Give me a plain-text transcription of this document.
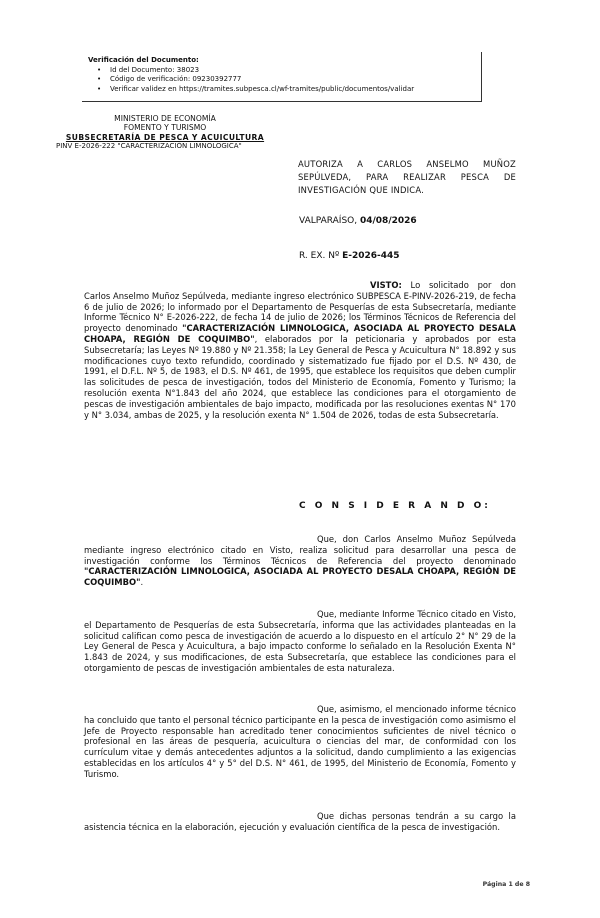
Verificación del Documento:
• Id del Documento: 38023
• Código de verificación: 09230392777
• Verificar validez en https://tramites.subpesca.cl/wf-tramites/public/documentos/validar
MINISTERIO DE ECONOMÍA
FOMENTO Y TURISMO
SUBSECRETARÍA DE PESCA Y ACUICULTURA
PINV E-2026-222 "CARACTERIZACIÓN LIMNOLOGICA"
AUTORIZA A CARLOS ANSELMO MUÑOZ SEPÚLVEDA, PARA REALIZAR PESCA DE INVESTIGACIÓN QUE INDICA.
VALPARAÍSO, 04/08/2026
R. EX. Nº E-2026-445
VISTO: Lo solicitado por don Carlos Anselmo Muñoz Sepúlveda, mediante ingreso electrónico SUBPESCA E-PINV-2026-219, de fecha 6 de julio de 2026; lo informado por el Departamento de Pesquerías de esta Subsecretaría, mediante Informe Técnico N° E-2026-222, de fecha 14 de julio de 2026; los Términos Técnicos de Referencia del proyecto denominado "CARACTERIZACIÓN LIMNOLOGICA, ASOCIADA AL PROYECTO DESALA CHOAPA, REGIÓN DE COQUIMBO", elaborados por la peticionaria y aprobados por esta Subsecretaría; las Leyes Nº 19.880 y Nº 21.358; la Ley General de Pesca y Acuicultura N° 18.892 y sus modificaciones cuyo texto refundido, coordinado y sistematizado fue fijado por el D.S. Nº 430, de 1991, el D.F.L. Nº 5, de 1983, el D.S. Nº 461, de 1995, que establece los requisitos que deben cumplir las solicitudes de pesca de investigación, todos del Ministerio de Economía, Fomento y Turismo; la resolución exenta N°1.843 del año 2024, que establece las condiciones para el otorgamiento de pescas de investigación ambientales de bajo impacto, modificada por las resoluciones exentas N° 170 y N° 3.034, ambas de 2025, y la resolución exenta N° 1.504 de 2026, todas de esta Subsecretaría.
C O N S I D E R A N D O:
Que, don Carlos Anselmo Muñoz Sepúlveda mediante ingreso electrónico citado en Visto, realiza solicitud para desarrollar una pesca de investigación conforme los Términos Técnicos de Referencia del proyecto denominado "CARACTERIZACIÓN LIMNOLOGICA, ASOCIADA AL PROYECTO DESALA CHOAPA, REGIÓN DE COQUIMBO".
Que, mediante Informe Técnico citado en Visto, el Departamento de Pesquerías de esta Subsecretaría, informa que las actividades planteadas en la solicitud califican como pesca de investigación de acuerdo a lo dispuesto en el artículo 2° N° 29 de la Ley General de Pesca y Acuicultura, a bajo impacto conforme lo señalado en la Resolución Exenta N° 1.843 de 2024, y sus modificaciones, de esta Subsecretaría, que establece las condiciones para el otorgamiento de pescas de investigación ambientales de esta naturaleza.
Que, asimismo, el mencionado informe técnico ha concluido que tanto el personal técnico participante en la pesca de investigación como asimismo el Jefe de Proyecto responsable han acreditado tener conocimientos suficientes de nivel técnico o profesional en las áreas de pesquería, acuicultura o ciencias del mar, de conformidad con los currículum vitae y demás antecedentes adjuntos a la solicitud, dando cumplimiento a las exigencias establecidas en los artículos 4° y 5° del D.S. N° 461, de 1995, del Ministerio de Economía, Fomento y Turismo.
Que dichas personas tendrán a su cargo la asistencia técnica en la elaboración, ejecución y evaluación científica de la pesca de investigación.
Página 1 de 8
